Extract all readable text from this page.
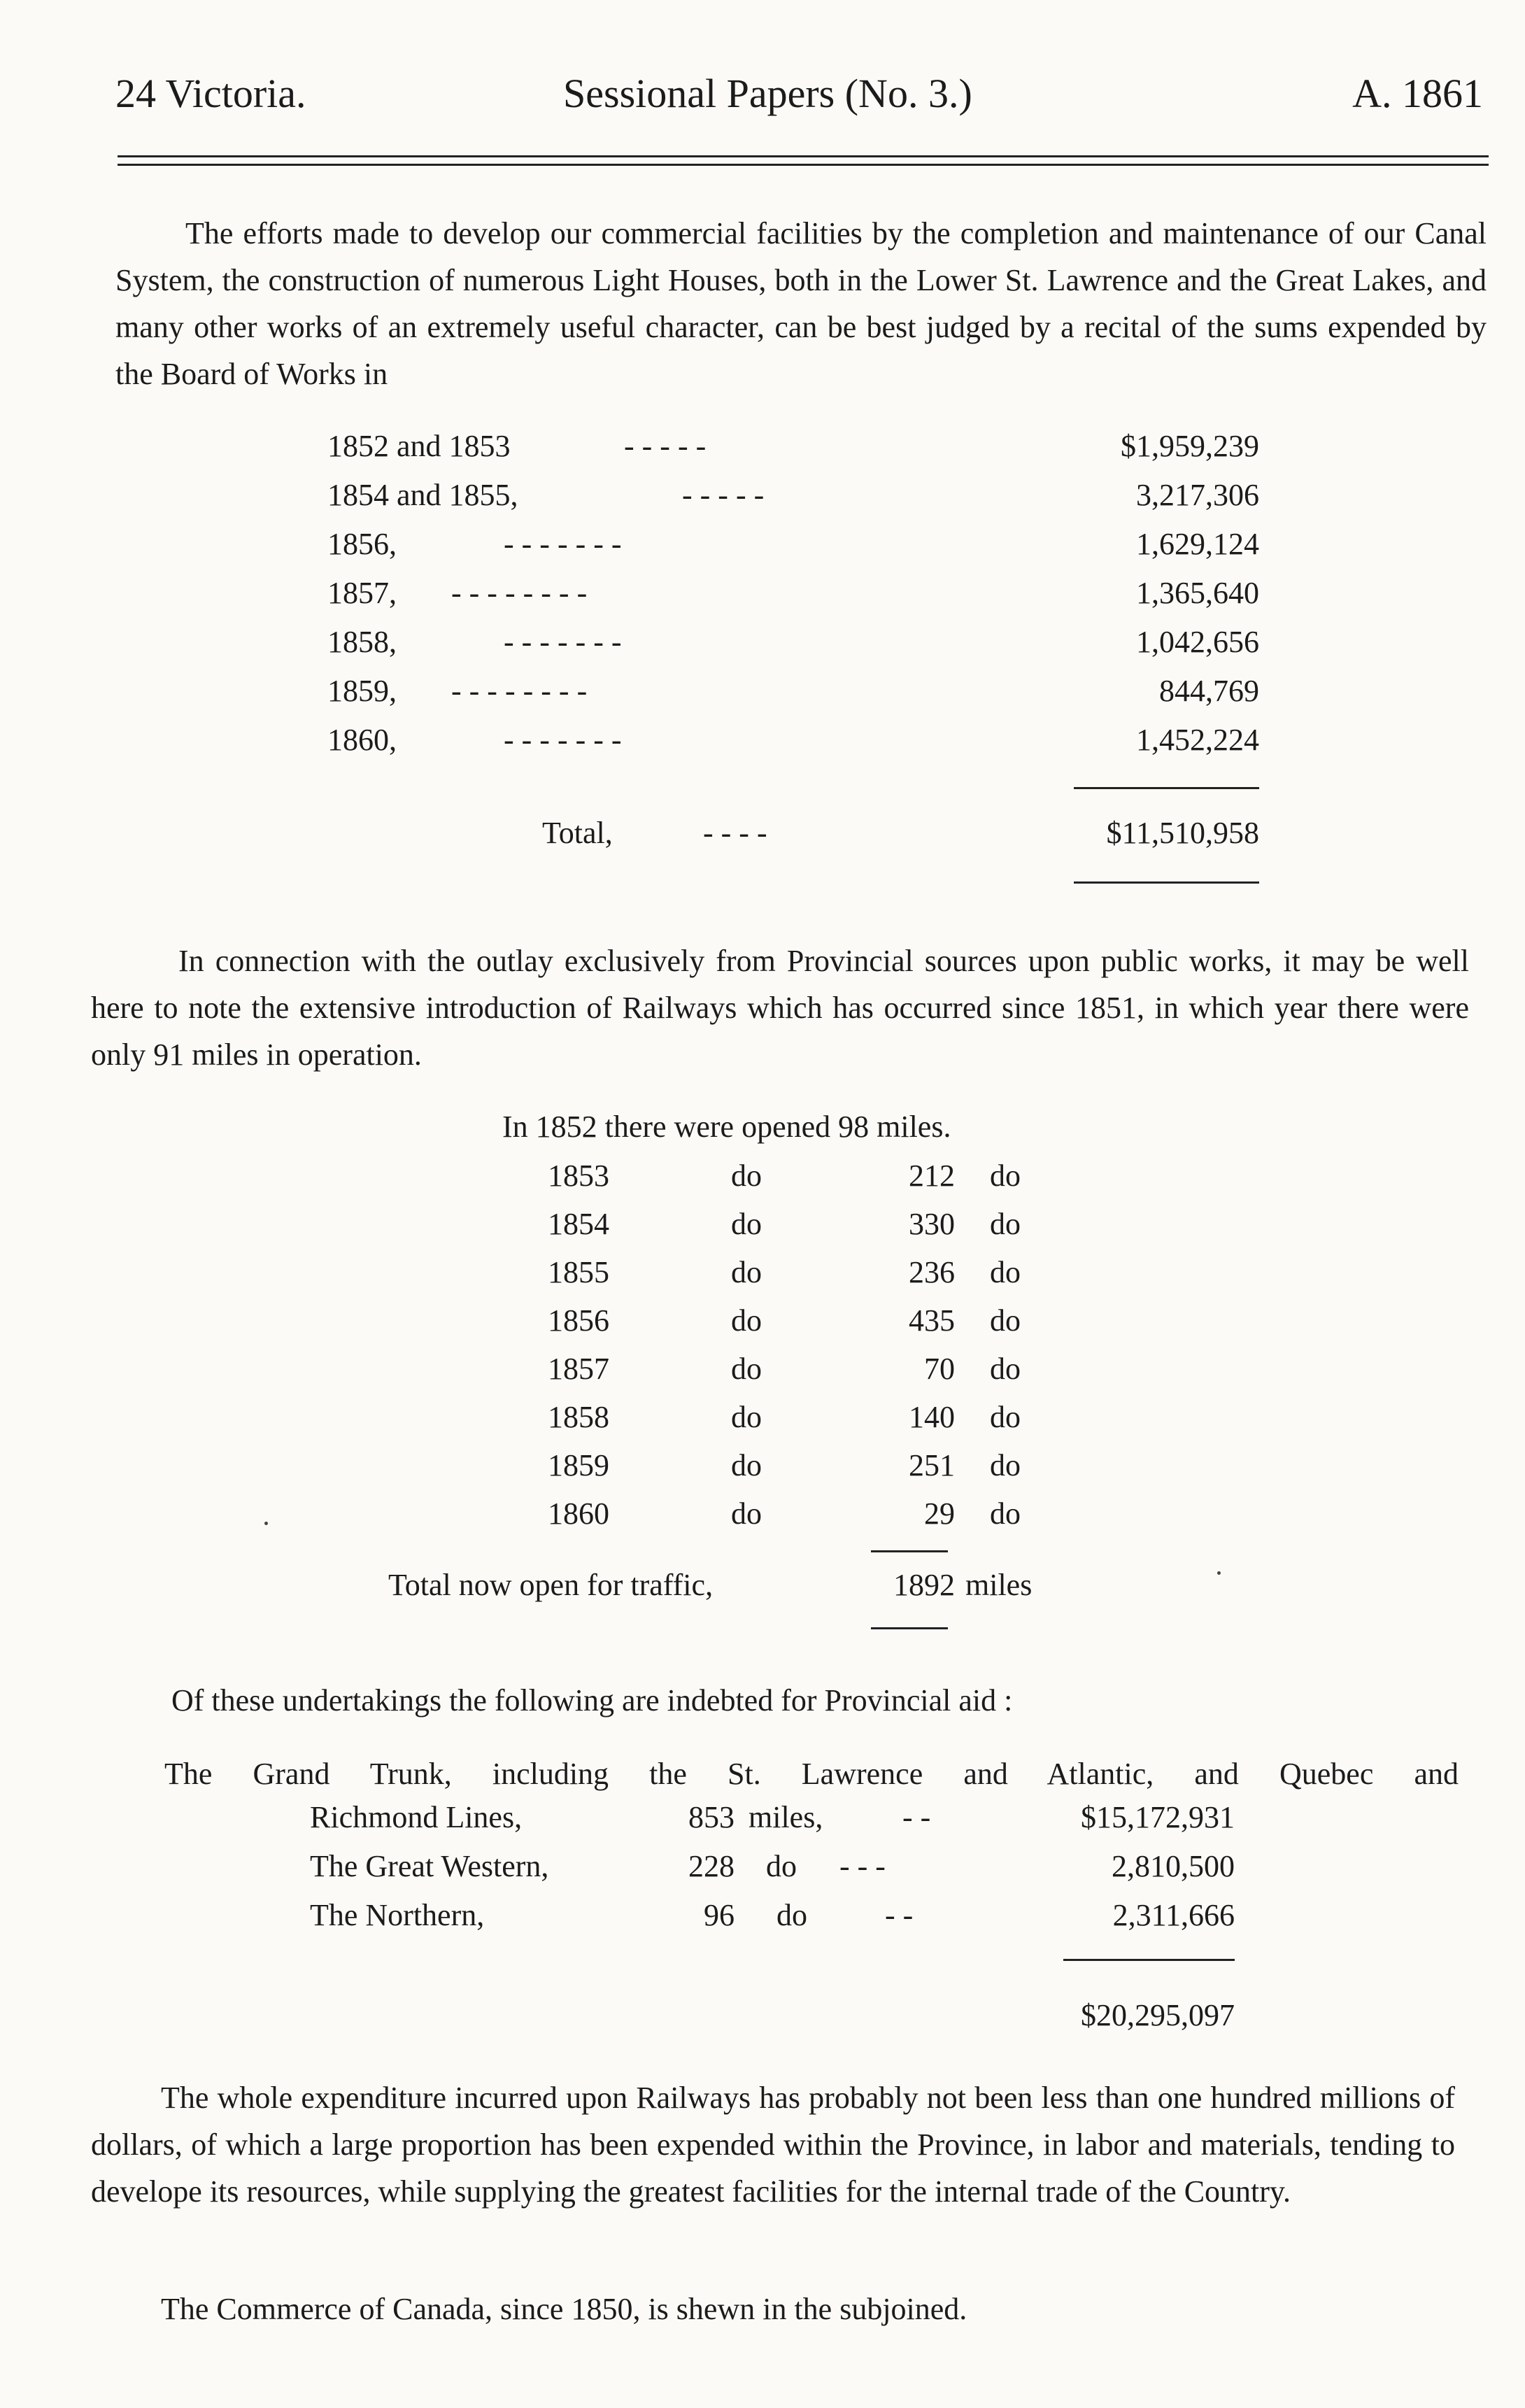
24 Victoria.	Sessional Papers (No. 3.)	A. 1861
The efforts made to develop our commercial facilities by the completion and maintenance of our Canal System, the construction of numerous Light Houses, both in the Lower St. Lawrence and the Great Lakes, and many other works of an extremely useful character, can be best judged by a recital of the sums expended by the Board of Works in
1852 and 1853	- - - - -	$1,959,239
1854 and 1855,	- - - - -	3,217,306
1856,	- - - - - - -	1,629,124
1857, - - - - - - - -	1,365,640
1858,	- - - - - - -	1,042,656
1859, - - - - - - - -	844,769
1860,	- - - - - - -	1,452,224
Total,	- - - -	$11,510,958
In connection with the outlay exclusively from Provincial sources upon public works, it may be well here to note the extensive introduction of Railways which has occurred since 1851, in which year there were only 91 miles in operation.
In 1852 there were opened 98 miles.
1853	do	212 do
1854	do	330 do
1855	do	236 do
1856	do	435 do
1857	do	70 do
1858	do	140 do
1859	do	251 do
1860	do	29 do
Total now open for traffic,	1892 miles
Of these undertakings the following are indebted for Provincial aid :
The Grand Trunk, including the St. Lawrence and Atlantic, and Quebec and
Richmond Lines,	853 miles,	- -	$15,172,931
The Great Western,	228 do - - -	2,810,500
The Northern,	96 do	- -	2,311,666
$20,295,097
The whole expenditure incurred upon Railways has probably not been less than one hundred millions of dollars, of which a large proportion has been expended within the Province, in labor and materials, tending to develope its resources, while supplying the greatest facilities for the internal trade of the Country.
The Commerce of Canada, since 1850, is shewn in the subjoined.
